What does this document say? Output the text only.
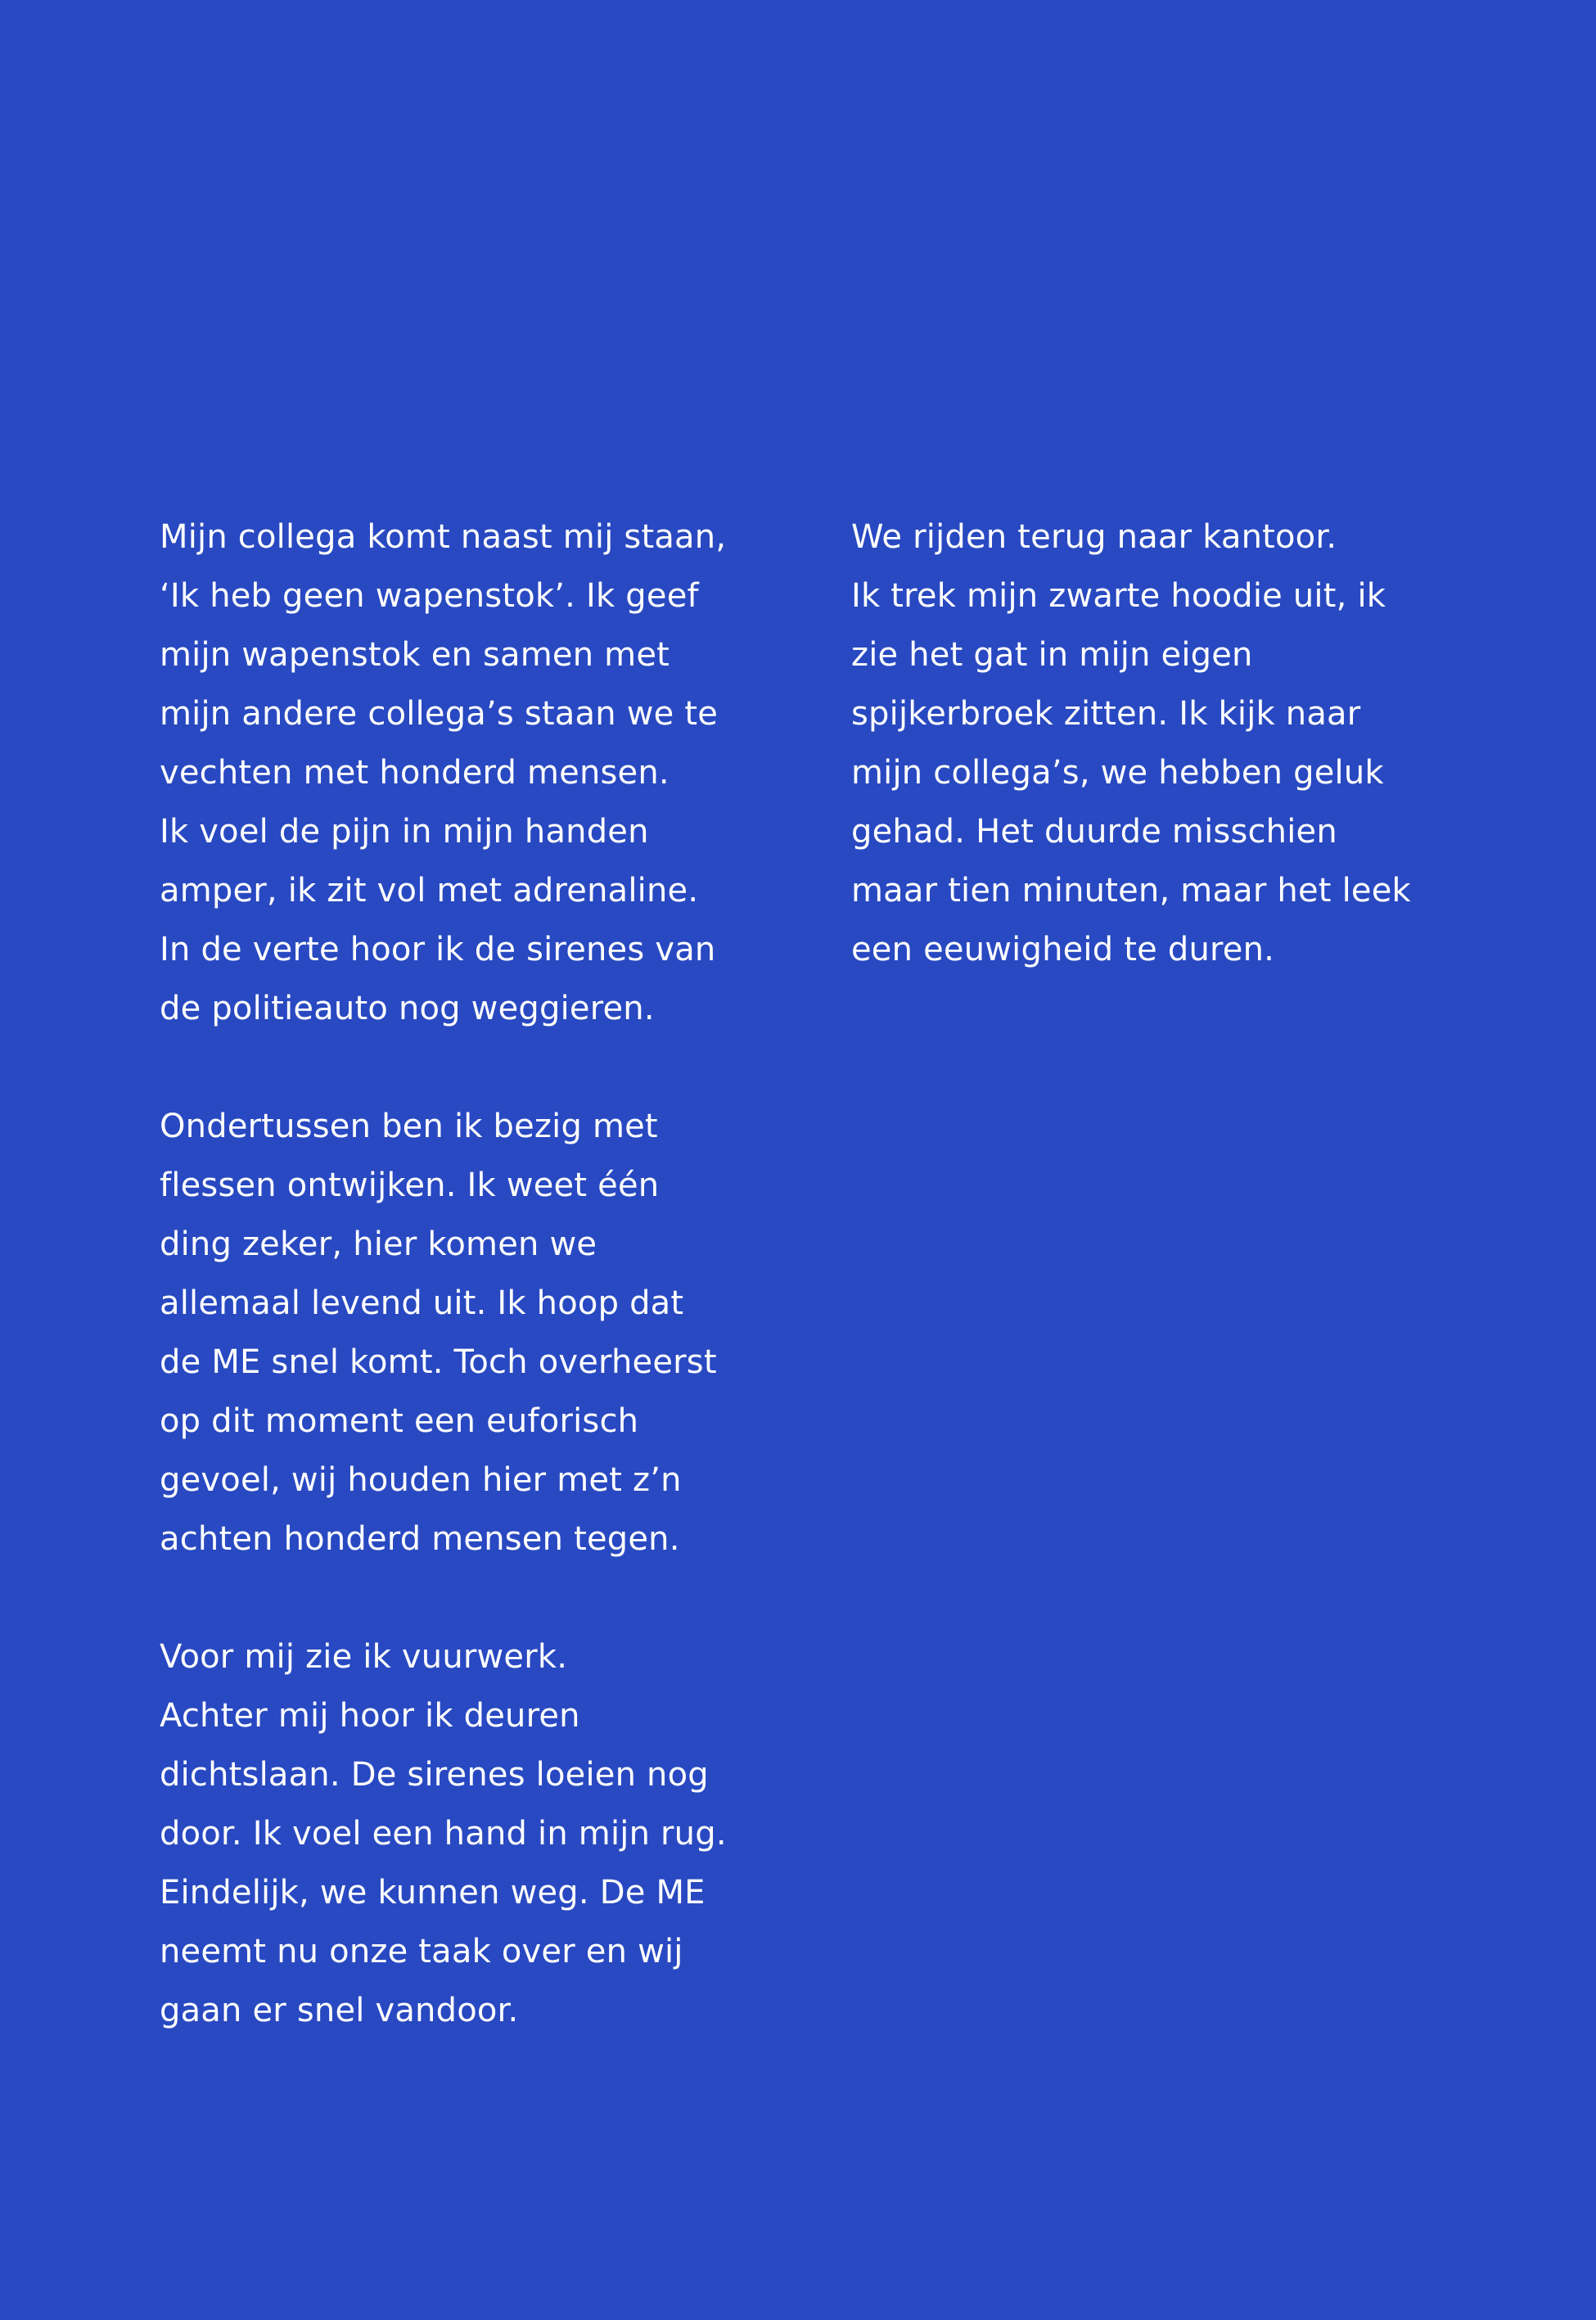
Mijn collega komt naast mij staan,
‘Ik heb geen wapenstok’. Ik geef
mijn wapenstok en samen met
mijn andere collega’s staan we te
vechten met honderd mensen.
Ik voel de pijn in mijn handen
amper, ik zit vol met adrenaline.
In de verte hoor ik de sirenes van
de politieauto nog weggieren.
Ondertussen ben ik bezig met
flessen ontwijken. Ik weet één
ding zeker, hier komen we
allemaal levend uit. Ik hoop dat
de ME snel komt. Toch overheerst
op dit moment een euforisch
gevoel, wij houden hier met z’n
achten honderd mensen tegen.
Voor mij zie ik vuurwerk.
Achter mij hoor ik deuren
dichtslaan. De sirenes loeien nog
door. Ik voel een hand in mijn rug.
Eindelijk, we kunnen weg. De ME
neemt nu onze taak over en wij
gaan er snel vandoor.
We rijden terug naar kantoor.
Ik trek mijn zwarte hoodie uit, ik
zie het gat in mijn eigen
spijkerbroek zitten. Ik kijk naar
mijn collega’s, we hebben geluk
gehad. Het duurde misschien
maar tien minuten, maar het leek
een eeuwigheid te duren.
